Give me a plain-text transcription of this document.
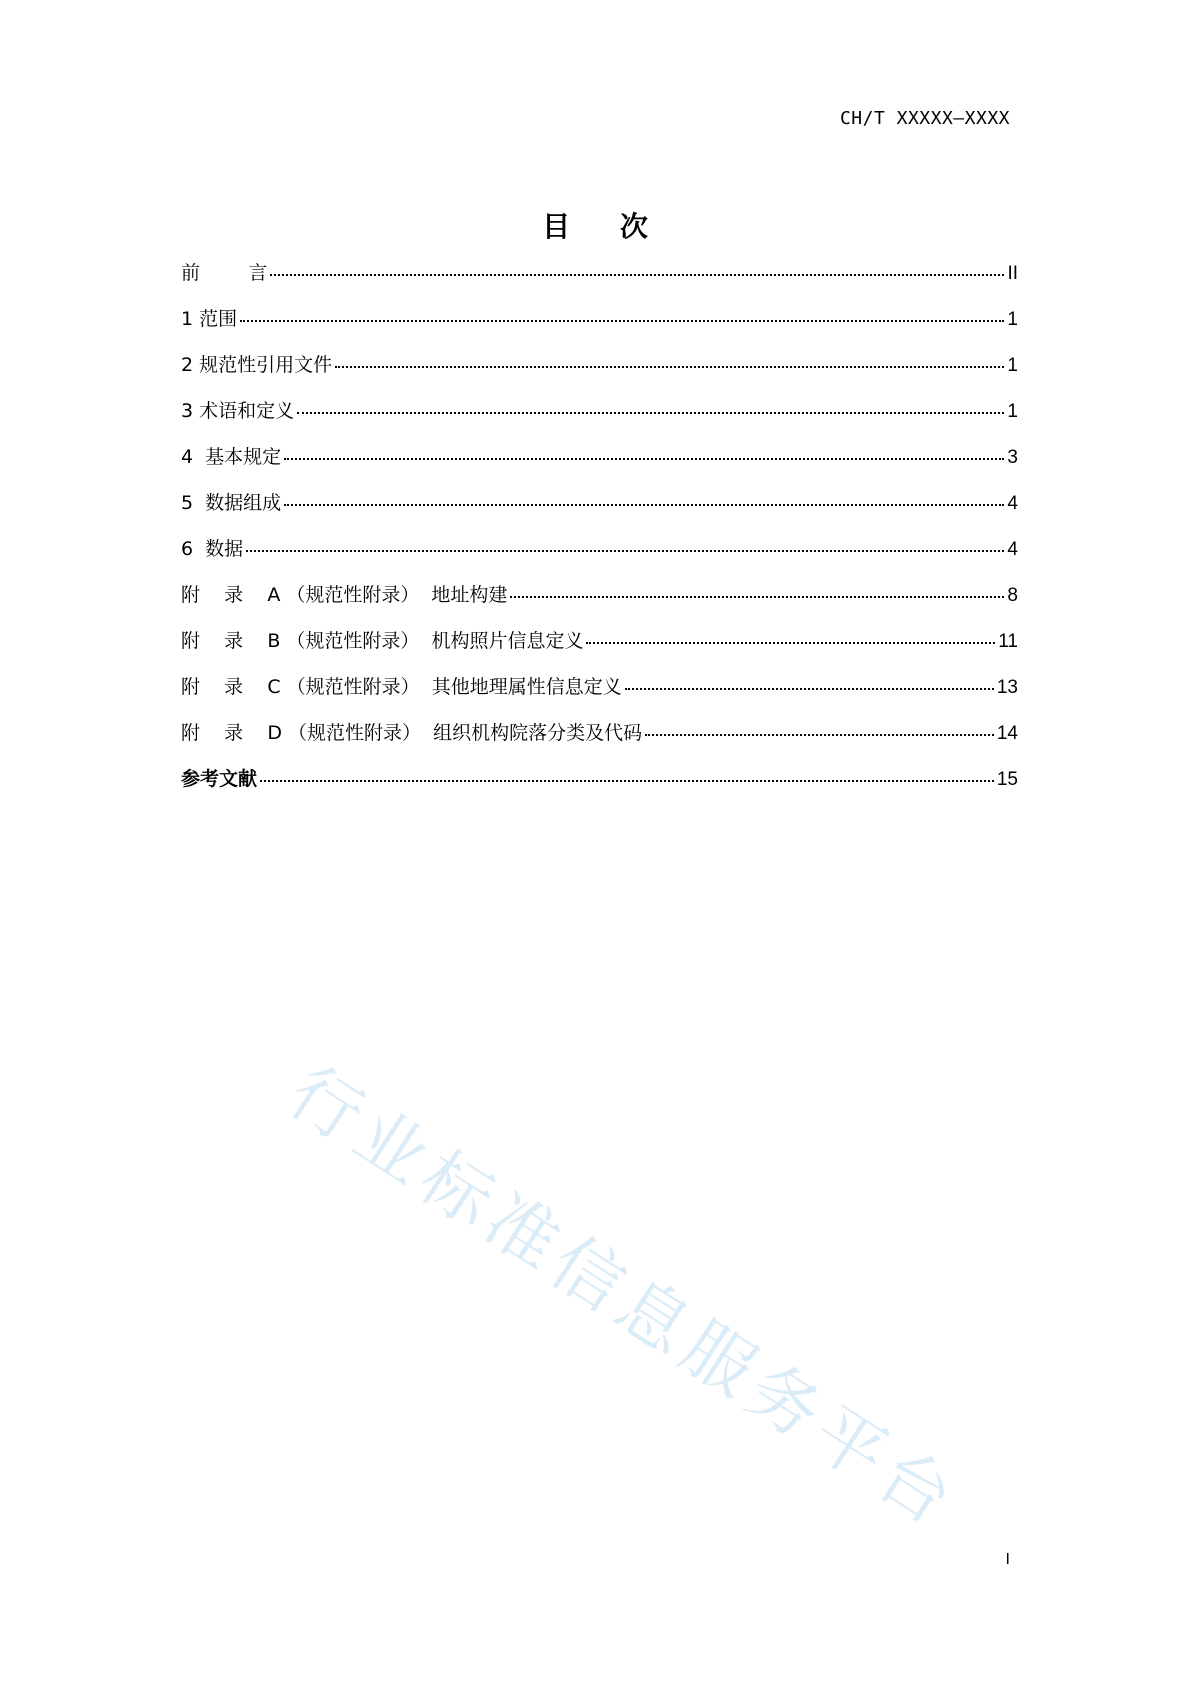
CH/T XXXXX—XXXX
目 次
前        言	II
1 范围	1
2 规范性引用文件	1
3 术语和定义	1
4  基本规定	3
5  数据组成	4
6  数据	4
附    录    A （规范性附录）  地址构建	8
附    录    B （规范性附录）  机构照片信息定义	11
附    录    C （规范性附录）  其他地理属性信息定义	13
附    录    D （规范性附录）  组织机构院落分类及代码	14
参考文献	15
行业标准信息服务平台
I
